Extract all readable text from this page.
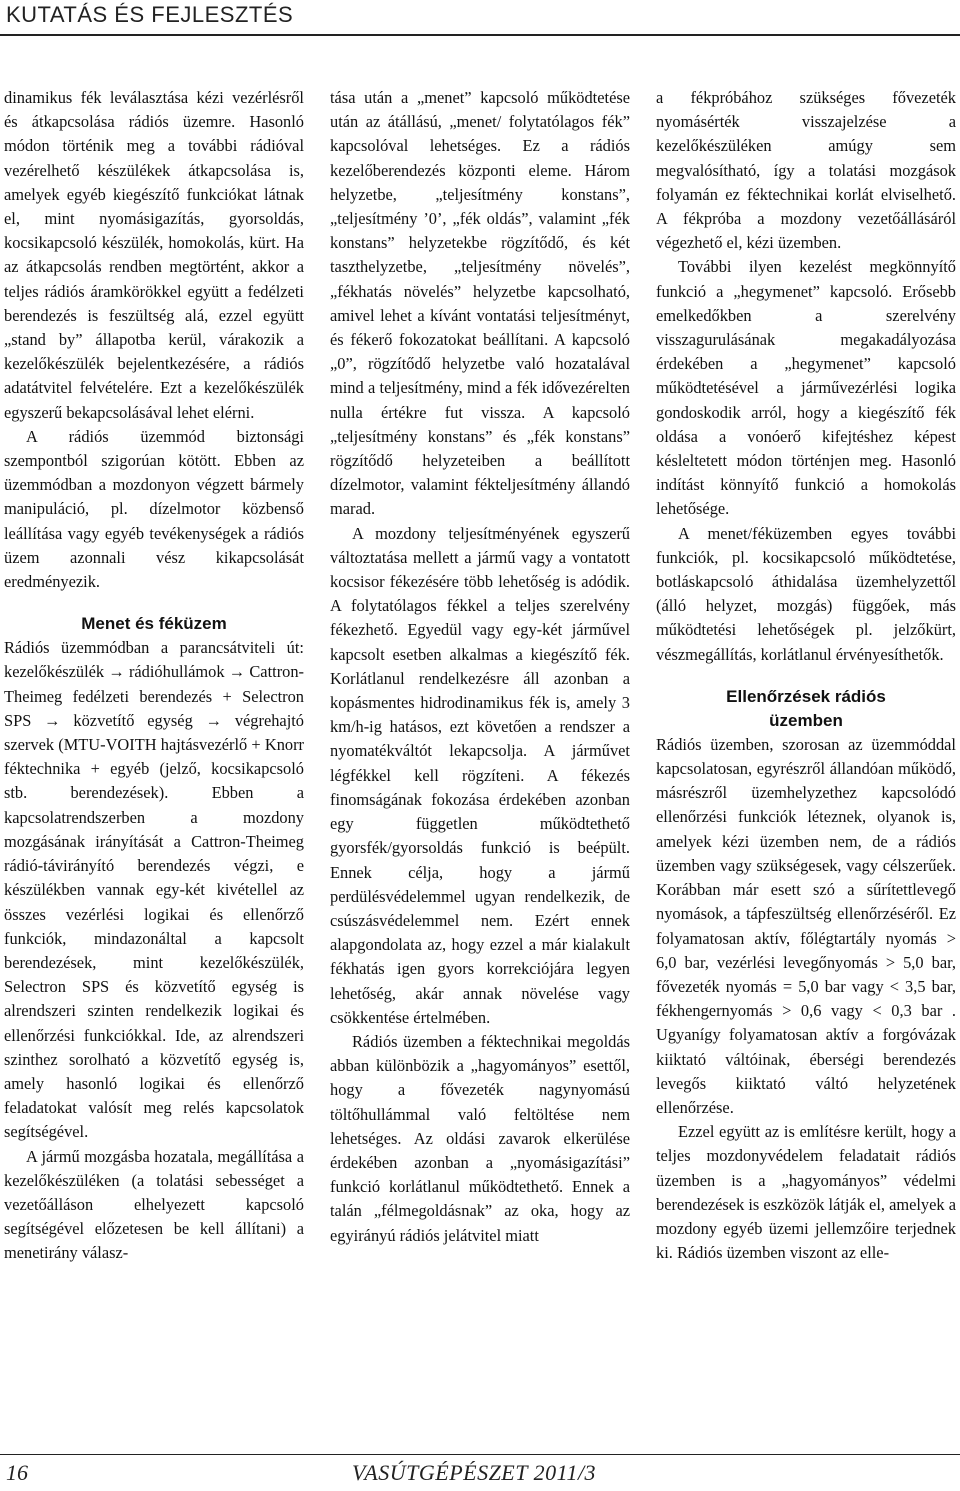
KUTATÁS ÉS FEJLESZTÉS

dinamikus fék leválasztása kézi vezérlésről és átkapcsolása rádiós üzemre. Hasonló módon történik meg a további rádióval vezérelhető készülékek átkapcsolása is, amelyek egyéb kiegészítő funkciókat látnak el, mint nyomásigazítás, gyorsoldás, kocsikapcsoló készülék, homokolás, kürt. Ha az átkapcsolás rendben megtörtént, akkor a teljes rádiós áramkörökkel együtt a fedélzeti berendezés is feszültség alá, ezzel együtt „stand by” állapotba kerül, várakozik a kezelőkészülék bejelentkezésére, a rádiós adatátvitel felvételére. Ezt a kezelőkészülék egyszerű bekapcsolásával lehet elérni.

A rádiós üzemmód biztonsági szempontból szigorúan kötött. Ebben az üzemmódban a mozdonyon végzett bármely manipuláció, pl. dízelmotor közbenső leállítása vagy egyéb tevékenységek a rádiós üzem azonnali vész kikapcsolását eredményezik.

Menet és féküzem

Rádiós üzemmódban a parancsátviteli út: kezelőkészülék → rádióhullámok → Cattron-Theimeg fedélzeti berendezés + Selectron SPS → közvetítő egység → végrehajtó szervek (MTU-VOITH hajtásvezérlő + Knorr féktechnika + egyéb (jelző, kocsikapcsoló stb. berendezések). Ebben a kapcsolatrendszerben a mozdony mozgásának irányítását a Cattron-Theimeg rádió-távirányító berendezés végzi, e készülékben vannak egy-két kivétellel az összes vezérlési logikai és ellenőrző funkciók, mindazonáltal a kapcsolt berendezések, mint kezelőkészülék, Selectron SPS és közvetítő egység is alrendszeri szinten rendelkezik logikai és ellenőrzési funkciókkal. Ide, az alrendszeri szinthez sorolható a közvetítő egység is, amely hasonló logikai és ellenőrző feladatokat valósít meg relés kapcsolatok segítségével.

A jármű mozgásba hozatala, megállítása a kezelőkészüléken (a tolatási sebességet a vezetőálláson elhelyezett kapcsoló segítségével előzetesen be kell állítani) a menetirány válasz-

tása után a „menet” kapcsoló működtetése után az átállású, „menet/ folytatólagos fék” kapcsolóval lehetséges. Ez a rádiós kezelőberendezés központi eleme. Három helyzetbe, „teljesítmény konstans”, „teljesítmény ’0’, „fék oldás”, valamint „fék konstans” helyzetekbe rögzítődő, és két taszthelyzetbe, „teljesítmény növelés”, „fékhatás növelés” helyzetbe kapcsolható, amivel lehet a kívánt vontatási teljesítményt, és fékerő fokozatokat beállítani. A kapcsoló „0”, rögzítődő helyzetbe való hozatalával mind a teljesítmény, mind a fék idővezérelten nulla értékre fut vissza. A kapcsoló „teljesítmény konstans” és „fék konstans” rögzítődő helyzeteiben a beállított dízelmotor, valamint fékteljesítmény állandó marad.

A mozdony teljesítményének egyszerű változtatása mellett a jármű vagy a vontatott kocsisor fékezésére több lehetőség is adódik. A folytatólagos fékkel a teljes szerelvény fékezhető. Egyedül vagy egy-két járművel kapcsolt esetben alkalmas a kiegészítő fék. Korlátlanul rendelkezésre áll azonban a kopásmentes hidrodinamikus fék is, amely 3 km/h-ig hatásos, ezt követően a rendszer a nyomatékváltót lekapcsolja. A járművet légfékkel kell rögzíteni. A fékezés finomságának fokozása érdekében azonban egy független működtethető gyorsfék/gyorsoldás funkció is beépült. Ennek célja, hogy a jármű perdülésvédelemmel ugyan rendelkezik, de csúszásvédelemmel nem. Ezért ennek alapgondolata az, hogy ezzel a már kialakult fékhatás igen gyors korrekciójára legyen lehetőség, akár annak növelése vagy csökkentése értelmében.

Rádiós üzemben a féktechnikai megoldás abban különbözik a „hagyományos” esettől, hogy a fővezeték nagynyomású töltőhullámmal való feltöltése nem lehetséges. Az oldási zavarok elkerülése érdekében azonban a „nyomásigazítási” funkció korlátlanul működtethető. Ennek a talán „félmegoldásnak” az oka, hogy az egyirányú rádiós jelátvitel miatt

a fékpróbához szükséges fővezeték nyomásérték visszajelzése a kezelőkészüléken amúgy sem megvalósítható, így a tolatási mozgások folyamán ez féktechnikai korlát elviselhető. A fékpróba a mozdony vezetőállásáról végezhető el, kézi üzemben.

További ilyen kezelést megkönnyítő funkció a „hegymenet” kapcsoló. Erősebb emelkedőkben a szerelvény visszagurulásának megakadályozása érdekében a „hegymenet” kapcsoló működtetésével a járművezérlési logika gondoskodik arról, hogy a kiegészítő fék oldása a vonóerő kifejtéshez képest késleltetett módon történjen meg. Hasonló indítást könnyítő funkció a homokolás lehetősége.

A menet/féküzemben egyes további funkciók, pl. kocsikapcsoló működtetése, botláskapcsoló áthidalása üzemhelyzettől (álló helyzet, mozgás) függőek, más működtetési lehetőségek pl. jelzőkürt, vészmegállítás, korlátlanul érvényesíthetők.

Ellenőrzések rádiós
üzemben

Rádiós üzemben, szorosan az üzemmóddal kapcsolatosan, egyrészről állandóan működő, másrészről üzemhelyzethez kapcsolódó ellenőrzési funkciók léteznek, olyanok is, amelyek kézi üzemben nem, de a rádiós üzemben vagy szükségesek, vagy célszerűek. Korábban már esett szó a sűrítettlevegő nyomások, a tápfeszültség ellenőrzéséről. Ez folyamatosan aktív, főlégtartály nyomás > 6,0 bar, vezérlési levegőnyomás > 5,0 bar, fővezeték nyomás = 5,0 bar vagy < 3,5 bar, fékhengernyomás > 0,6 vagy < 0,3 bar . Ugyanígy folyamatosan aktív a forgóvázak kiiktató váltóinak, éberségi berendezés levegős kiiktató váltó helyzetének ellenőrzése.

Ezzel együtt az is említésre került, hogy a teljes mozdonyvédelem feladatait rádiós üzemben is a „hagyományos” védelmi berendezések is eszközök látják el, amelyek a mozdony egyéb üzemi jellemzőire terjednek ki. Rádiós üzemben viszont az elle-

16	VASÚTGÉPÉSZET 2011/3
